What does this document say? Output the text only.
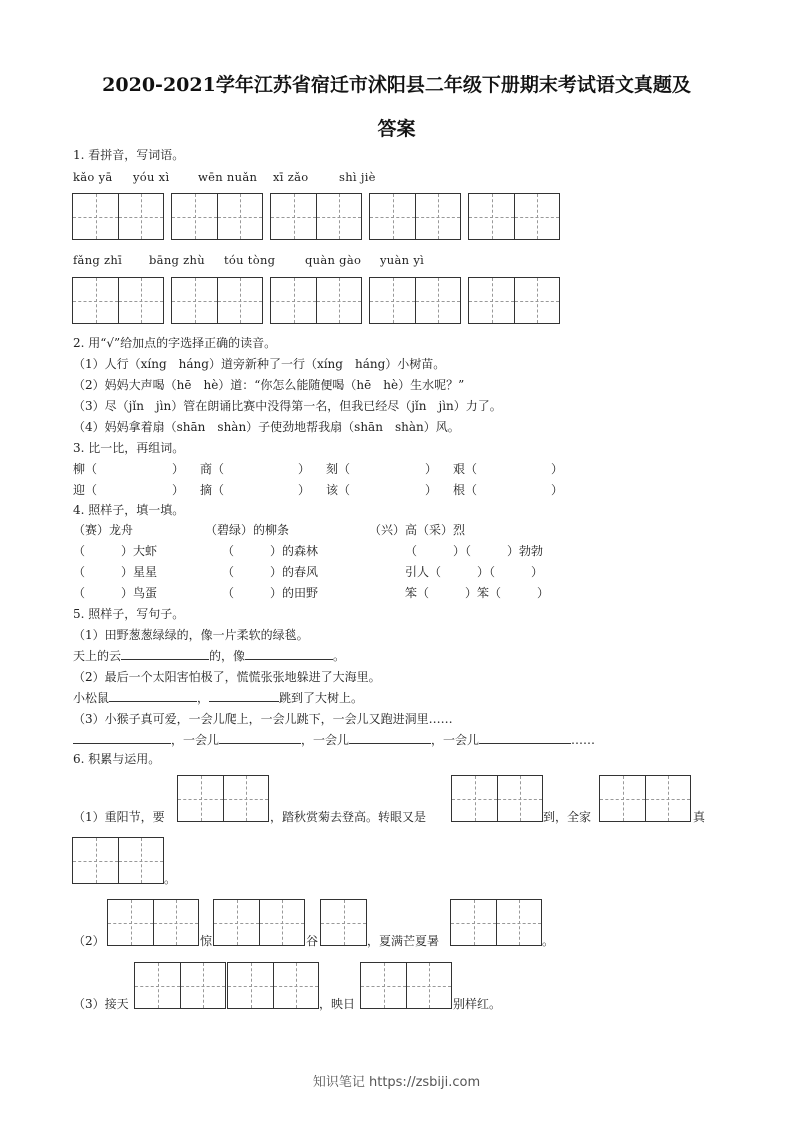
2020-2021学年江苏省宿迁市沭阳县二年级下册期末考试语文真题及
答案
1. 看拼音，写词语。
kǎo yā yóu xì wēn nuǎn xī zǎo	shì jiè
fǎng zhī bāng zhù tóu tòng	quàn gào yuàn yì
2. 用“√”给加点的字选择正确的读音。
（1）人行（xíng　háng）道旁新种了一行（xíng　háng）小树苗。
（2）妈妈大声喝（hē　hè）道：“你怎么能随便喝（hē　hè）生水呢？”
（3）尽（jǐn　jìn）管在朗诵比赛中没得第一名，但我已经尽（jǐn　jìn）力了。
（4）妈妈拿着扇（shān　shàn）子使劲地帮我扇（shān　shàn）风。
3. 比一比，再组词。
柳（	） 商（	） 刻（	） 艰（	）
迎（	） 摘（	） 该（	） 根（	）
4. 照样子，填一填。
（赛）龙舟	（碧绿）的柳条	（兴）高（采）烈
（　　　）大虾	（　　　）的森林	（　　　）（　　　）勃勃
（　　　）星星	（　　　）的春风	引人（　　　）（　　　）
（　　　）鸟蛋	（　　　）的田野	笨（　　　）笨（　　　）
5. 照样子，写句子。
（1）田野葱葱绿绿的，像一片柔软的绿毯。
天上的云	的，像	。
（2）最后一个太阳害怕极了，慌慌张张地躲进了大海里。
小松鼠	，	跳到了大树上。
（3）小猴子真可爱，一会儿爬上，一会儿跳下，一会儿又跑进洞里……
，一会儿	，一会儿	，一会儿	……
6. 积累与运用。
（1）重阳节，要	，踏秋赏菊去登高。转眼又是	到，全家	真
。
（2）	惊	谷	，夏满芒夏暑	。
（3）接天	，映日	别样红。
知识笔记 https://zsbiji.com
